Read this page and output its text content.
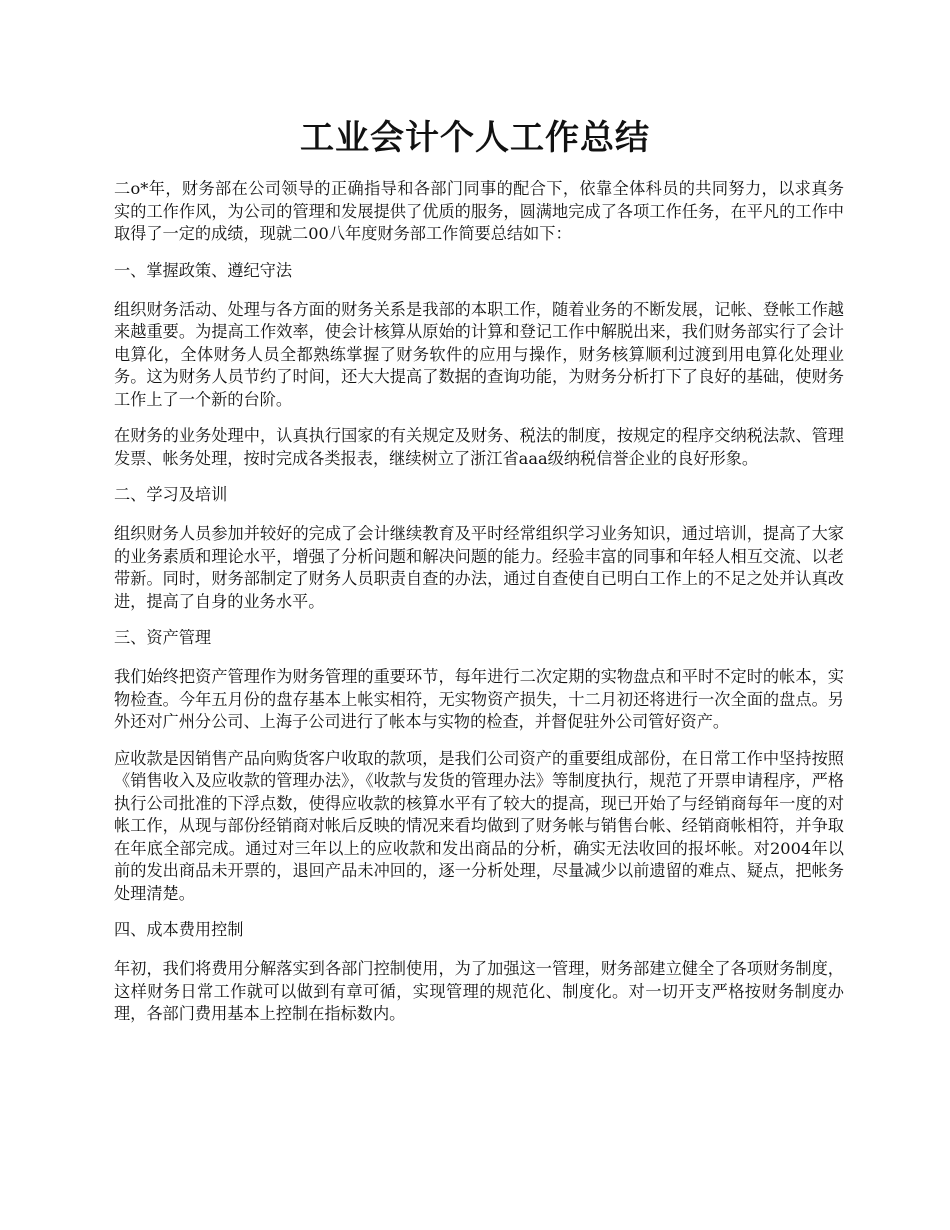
工业会计个人工作总结

二o*年，财务部在公司领导的正确指导和各部门同事的配合下，依靠全体科员的共同努力，以求真务实的工作作风，为公司的管理和发展提供了优质的服务，圆满地完成了各项工作任务，在平凡的工作中取得了一定的成绩，现就二00八年度财务部工作简要总结如下：

一、掌握政策、遵纪守法

组织财务活动、处理与各方面的财务关系是我部的本职工作，随着业务的不断发展，记帐、登帐工作越来越重要。为提高工作效率，使会计核算从原始的计算和登记工作中解脱出来，我们财务部实行了会计电算化，全体财务人员全都熟练掌握了财务软件的应用与操作，财务核算顺利过渡到用电算化处理业务。这为财务人员节约了时间，还大大提高了数据的查询功能，为财务分析打下了良好的基础，使财务工作上了一个新的台阶。

在财务的业务处理中，认真执行国家的有关规定及财务、税法的制度，按规定的程序交纳税法款、管理发票、帐务处理，按时完成各类报表，继续树立了浙江省aaa级纳税信誉企业的良好形象。

二、学习及培训

组织财务人员参加并较好的完成了会计继续教育及平时经常组织学习业务知识，通过培训，提高了大家的业务素质和理论水平，增强了分析问题和解决问题的能力。经验丰富的同事和年轻人相互交流、以老带新。同时，财务部制定了财务人员职责自查的办法，通过自查使自已明白工作上的不足之处并认真改进，提高了自身的业务水平。

三、资产管理

我们始终把资产管理作为财务管理的重要环节，每年进行二次定期的实物盘点和平时不定时的帐本，实物检查。今年五月份的盘存基本上帐实相符，无实物资产损失，十二月初还将进行一次全面的盘点。另外还对广州分公司、上海子公司进行了帐本与实物的检查，并督促驻外公司管好资产。

应收款是因销售产品向购货客户收取的款项，是我们公司资产的重要组成部份，在日常工作中坚持按照《销售收入及应收款的管理办法》，《收款与发货的管理办法》等制度执行，规范了开票申请程序，严格执行公司批准的下浮点数，使得应收款的核算水平有了较大的提高，现已开始了与经销商每年一度的对帐工作，从现与部份经销商对帐后反映的情况来看均做到了财务帐与销售台帐、经销商帐相符，并争取在年底全部完成。通过对三年以上的应收款和发出商品的分析，确实无法收回的报坏帐。对2004年以前的发出商品未开票的，退回产品未冲回的，逐一分析处理，尽量减少以前遗留的难点、疑点，把帐务处理清楚。

四、成本费用控制

年初，我们将费用分解落实到各部门控制使用，为了加强这一管理，财务部建立健全了各项财务制度，这样财务日常工作就可以做到有章可循，实现管理的规范化、制度化。对一切开支严格按财务制度办理，各部门费用基本上控制在指标数内。
